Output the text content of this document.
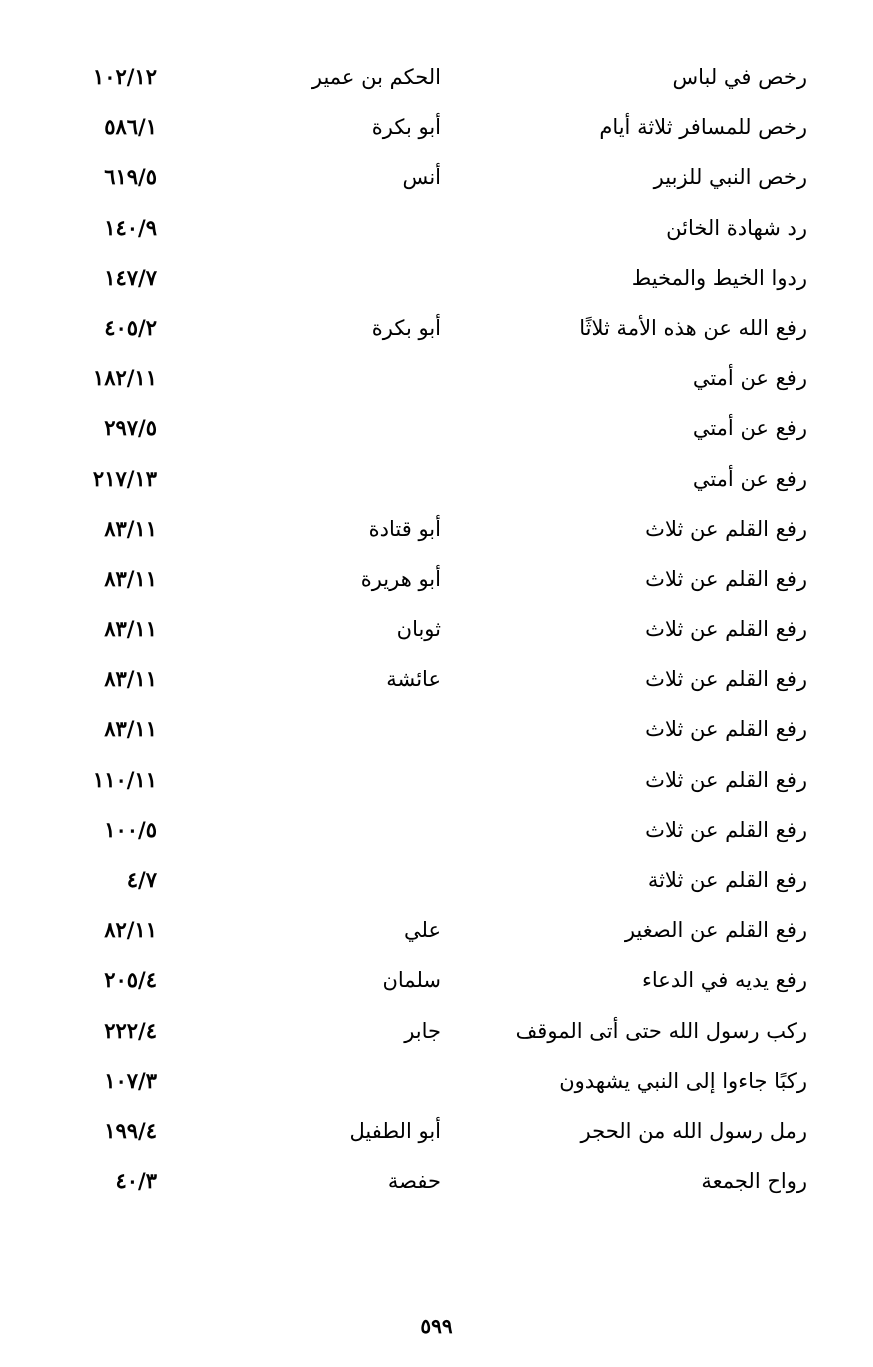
رخص في لباس
الحكم بن عمير
١٠٢/١٢
رخص للمسافر ثلاثة أيام
أبو بكرة
٥٨٦/١
رخص النبي للزبير
أنس
٦١٩/٥
رد شهادة الخائن
١٤٠/٩
ردوا الخيط والمخيط
١٤٧/٧
رفع الله عن هذه الأمة ثلاثًا
أبو بكرة
٤٠٥/٢
رفع عن أمتي
١٨٢/١١
رفع عن أمتي
٢٩٧/٥
رفع عن أمتي
٢١٧/١٣
رفع القلم عن ثلاث
أبو قتادة
٨٣/١١
رفع القلم عن ثلاث
أبو هريرة
٨٣/١١
رفع القلم عن ثلاث
ثوبان
٨٣/١١
رفع القلم عن ثلاث
عائشة
٨٣/١١
رفع القلم عن ثلاث
٨٣/١١
رفع القلم عن ثلاث
١١٠/١١
رفع القلم عن ثلاث
١٠٠/٥
رفع القلم عن ثلاثة
٤/٧
رفع القلم عن الصغير
علي
٨٢/١١
رفع يديه في الدعاء
سلمان
٢٠٥/٤
ركب رسول الله حتى أتى الموقف
جابر
٢٢٢/٤
ركبًا جاءوا إلى النبي يشهدون
١٠٧/٣
رمل رسول الله من الحجر
أبو الطفيل
١٩٩/٤
رواح الجمعة
حفصة
٤٠/٣
٥٩٩
